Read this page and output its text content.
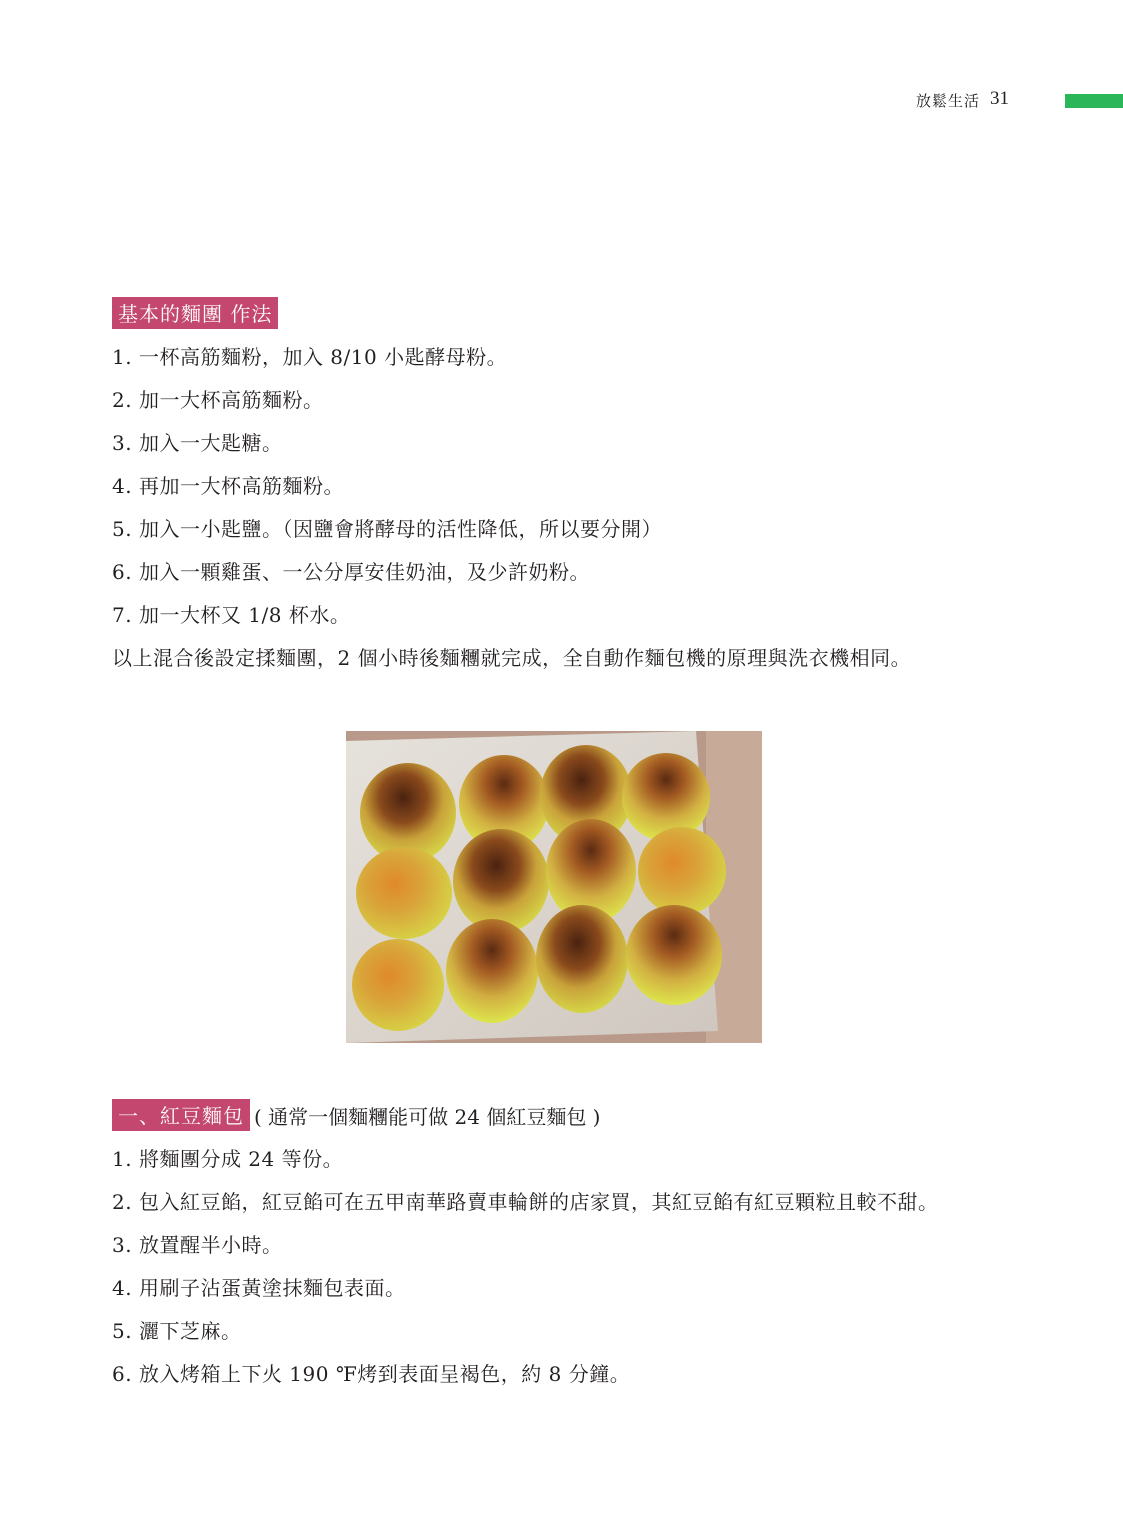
放鬆生活 31
基本的麵團 作法
1. 一杯高筋麵粉，加入 8/10 小匙酵母粉。
2. 加一大杯高筋麵粉。
3. 加入一大匙糖。
4. 再加一大杯高筋麵粉。
5. 加入一小匙鹽。（因鹽會將酵母的活性降低，所以要分開）
6. 加入一顆雞蛋、一公分厚安佳奶油，及少許奶粉。
7. 加一大杯又 1/8 杯水。
以上混合後設定揉麵團，2 個小時後麵糰就完成，全自動作麵包機的原理與洗衣機相同。
一、紅豆麵包 ( 通常一個麵糰能可做 24 個紅豆麵包 )
1. 將麵團分成 24 等份。
2. 包入紅豆餡，紅豆餡可在五甲南華路賣車輪餅的店家買，其紅豆餡有紅豆顆粒且較不甜。
3. 放置醒半小時。
4. 用刷子沾蛋黃塗抹麵包表面。
5. 灑下芝麻。
6. 放入烤箱上下火 190 ℉烤到表面呈褐色，約 8 分鐘。
